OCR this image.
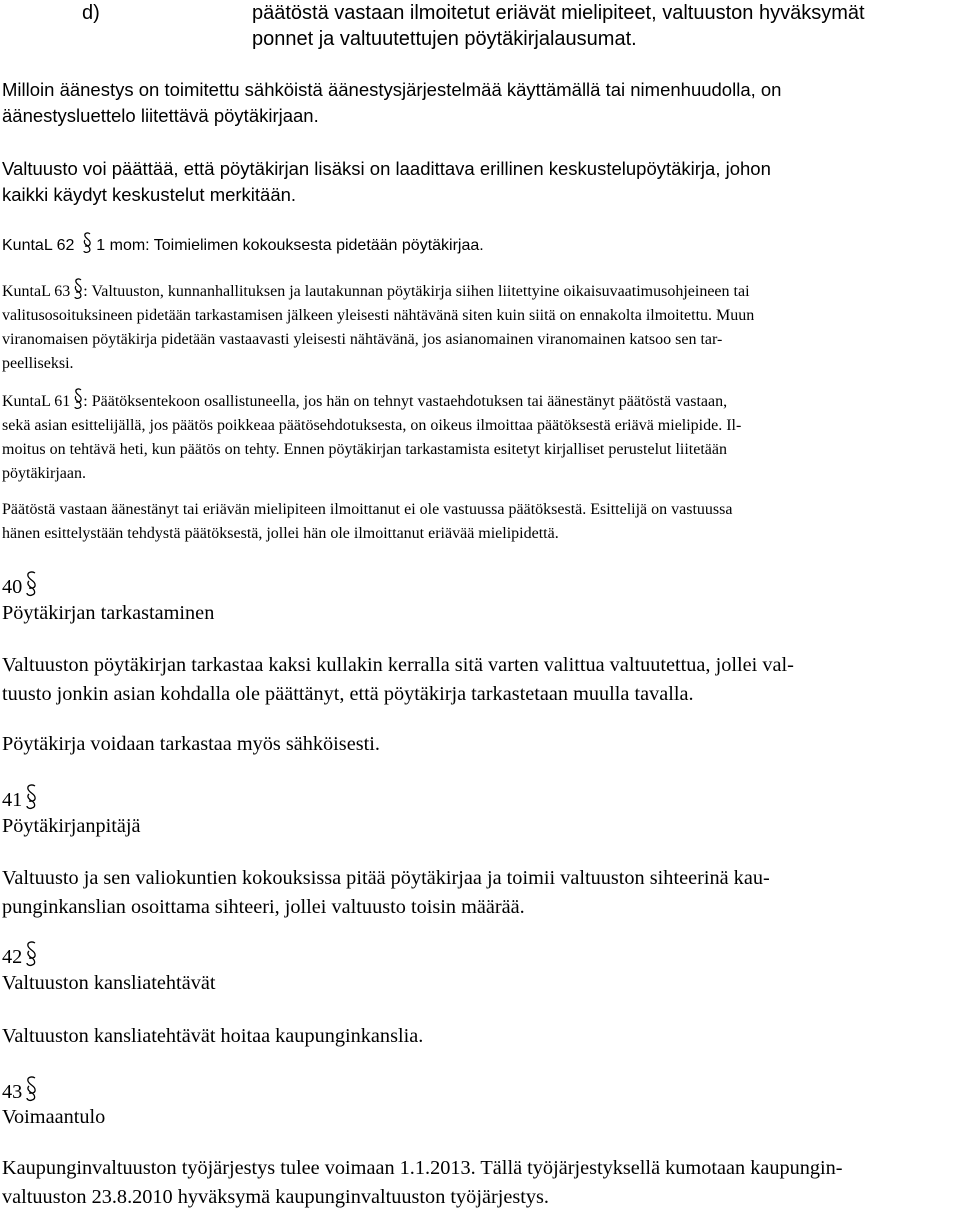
d)	päätöstä vastaan ilmoitetut eriävät mielipiteet, valtuuston hyväksymät
ponnet ja valtuutettujen pöytäkirjalausumat.
Milloin äänestys on toimitettu sähköistä äänestysjärjestelmää käyttämällä tai nimenhuudolla, on
äänestysluettelo liitettävä pöytäkirjaan.
Valtuusto voi päättää, että pöytäkirjan lisäksi on laadittava erillinen keskustelupöytäkirja, johon
kaikki käydyt keskustelut merkitään.
KuntaL 62 1 mom: Toimielimen kokouksesta pidetään pöytäkirjaa.
KuntaL 63 : Valtuuston, kunnanhallituksen ja lautakunnan pöytäkirja siihen liitettyine oikaisuvaatimusohjeineen tai
valitusosoituksineen pidetään tarkastamisen jälkeen yleisesti nähtävänä siten kuin siitä on ennakolta ilmoitettu. Muun
viranomaisen pöytäkirja pidetään vastaavasti yleisesti nähtävänä, jos asianomainen viranomainen katsoo sen tar-
peelliseksi.
KuntaL 61 : Päätöksentekoon osallistuneella, jos hän on tehnyt vastaehdotuksen tai äänestänyt päätöstä vastaan,
sekä asian esittelijällä, jos päätös poikkeaa päätösehdotuksesta, on oikeus ilmoittaa päätöksestä eriävä mielipide. Il-
moitus on tehtävä heti, kun päätös on tehty. Ennen pöytäkirjan tarkastamista esitetyt kirjalliset perustelut liitetään
pöytäkirjaan.
Päätöstä vastaan äänestänyt tai eriävän mielipiteen ilmoittanut ei ole vastuussa päätöksestä. Esittelijä on vastuussa
hänen esittelystään tehdystä päätöksestä, jollei hän ole ilmoittanut eriävää mielipidettä.
40
Pöytäkirjan tarkastaminen
Valtuuston pöytäkirjan tarkastaa kaksi kullakin kerralla sitä varten valittua valtuutettua, jollei val-
tuusto jonkin asian kohdalla ole päättänyt, että pöytäkirja tarkastetaan muulla tavalla.
Pöytäkirja voidaan tarkastaa myös sähköisesti.
41
Pöytäkirjanpitäjä
Valtuusto ja sen valiokuntien kokouksissa pitää pöytäkirjaa ja toimii valtuuston sihteerinä kau-
punginkanslian osoittama sihteeri, jollei valtuusto toisin määrää.
42
Valtuuston kansliatehtävät
Valtuuston kansliatehtävät hoitaa kaupunginkanslia.
43
Voimaantulo
Kaupunginvaltuuston työjärjestys tulee voimaan 1.1.2013. Tällä työjärjestyksellä kumotaan kaupungin-
valtuuston 23.8.2010 hyväksymä kaupunginvaltuuston työjärjestys.
